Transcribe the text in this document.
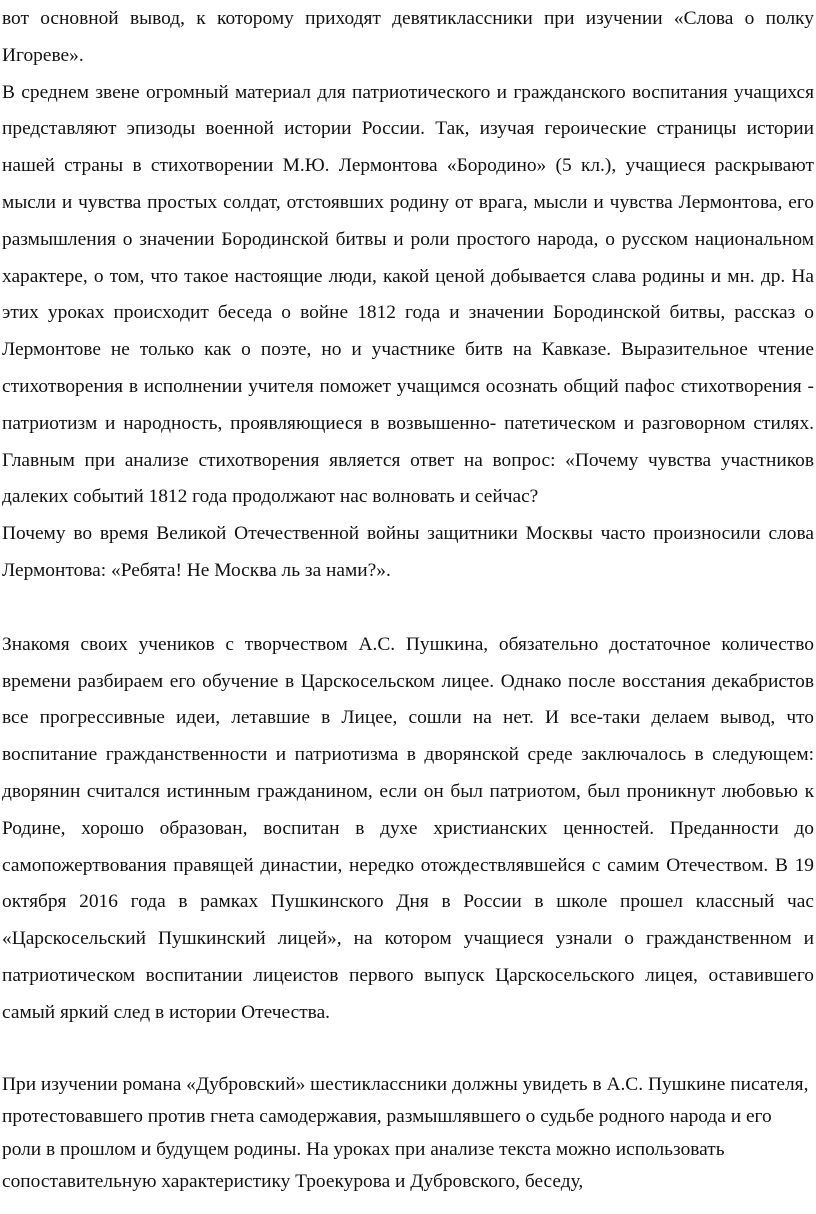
вот основной вывод, к которому приходят девятиклассники при изучении «Слова о полку Игореве».

В среднем звене огромный материал для патриотического и гражданского воспитания учащихся представляют эпизоды военной истории России. Так, изучая героические страницы истории нашей страны в стихотворении М.Ю. Лермонтова «Бородино» (5 кл.), учащиеся раскрывают мысли и чувства простых солдат, отстоявших родину от врага, мысли и чувства Лермонтова, его размышления о значении Бородинской битвы и роли простого народа, о русском национальном характере, о том, что такое настоящие люди, какой ценой добывается слава родины и мн. др. На этих уроках происходит беседа о войне 1812 года и значении Бородинской битвы, рассказ о Лермонтове не только как о поэте, но и участнике битв на Кавказе. Выразительное чтение стихотворения в исполнении учителя поможет учащимся осознать общий пафос стихотворения - патриотизм и народность, проявляющиеся в возвышенно- патетическом и разговорном стилях. Главным при анализе стихотворения является ответ на вопрос: «Почему чувства участников далеких событий 1812 года продолжают нас волновать и сейчас?

Почему во время Великой Отечественной войны защитники Москвы часто произносили слова Лермонтова: «Ребята! Не Москва ль за нами?».

Знакомя своих учеников с творчеством А.С. Пушкина, обязательно достаточное количество времени разбираем его обучение в Царскосельском лицее. Однако после восстания декабристов все прогрессивные идеи, летавшие в Лицее, сошли на нет. И все-таки делаем вывод, что воспитание гражданственности и патриотизма в дворянской среде заключалось в следующем: дворянин считался истинным гражданином, если он был патриотом, был проникнут любовью к Родине, хорошо образован, воспитан в духе христианских ценностей. Преданности до самопожертвования правящей династии, нередко отождествлявшейся с самим Отечеством. В 19 октября 2016 года в рамках Пушкинского Дня в России в школе прошел классный час «Царскосельский Пушкинский лицей», на котором учащиеся узнали о гражданственном и патриотическом воспитании лицеистов первого выпуск Царскосельского лицея, оставившего самый яркий след в истории Отечества.

При изучении романа «Дубровский» шестиклассники должны увидеть в А.С. Пушкине писателя, протестовавшего против гнета самодержавия, размышлявшего о судьбе родного народа и его роли в прошлом и будущем родины. На уроках при анализе текста можно использовать сопоставительную характеристику Троекурова и Дубровского, беседу,
